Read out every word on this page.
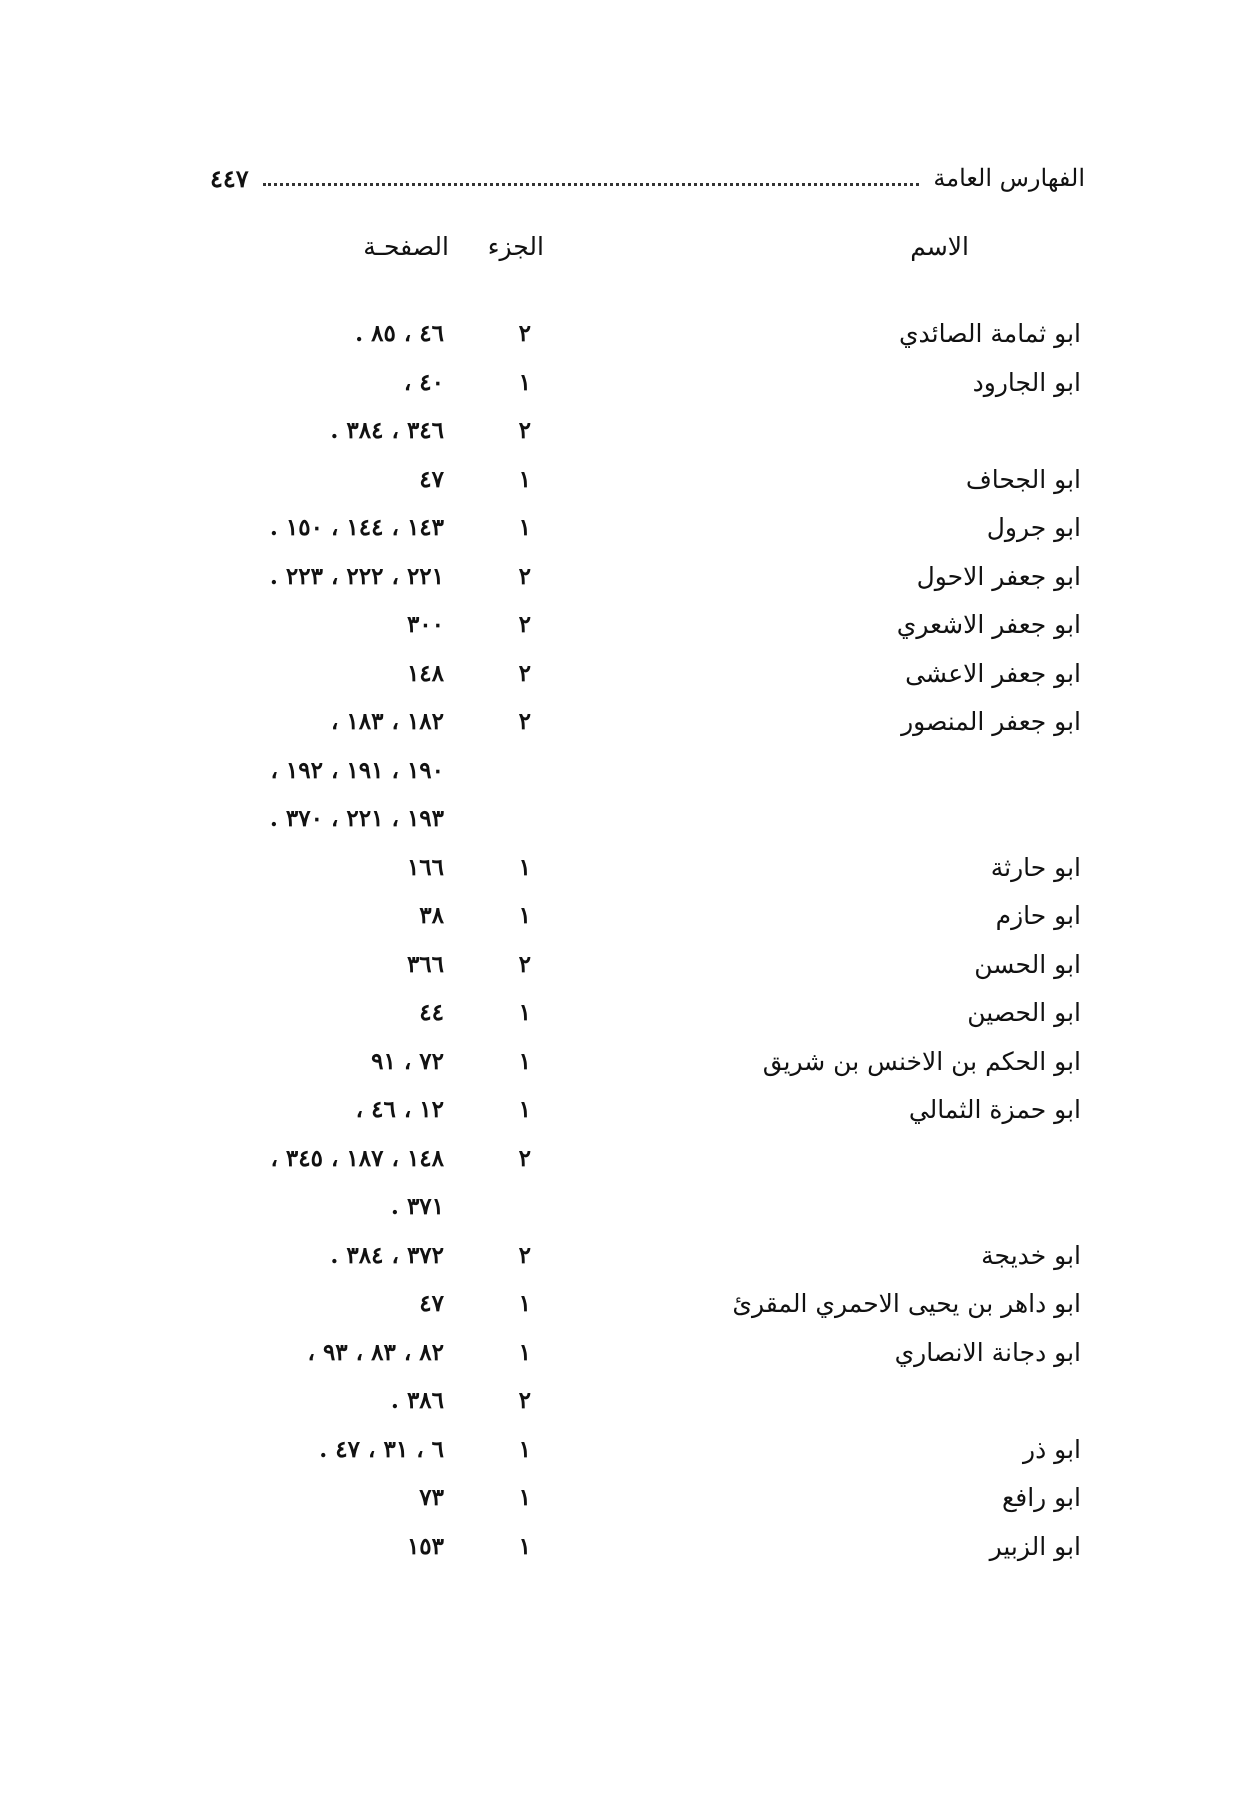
الفهارس العامة
٤٤٧
الاسم
الجزء
الصفحـة
ابو ثمامة الصائدي
٢
٤٦ ، ٨٥ .
ابو الجارود
١
٤٠ ،
٢
٣٤٦ ، ٣٨٤ .
ابو الجحاف
١
٤٧
ابو جرول
١
١٤٣ ، ١٤٤ ، ١٥٠ .
ابو جعفر الاحول
٢
٢٢١ ، ٢٢٢ ، ٢٢٣ .
ابو جعفر الاشعري
٢
٣٠٠
ابو جعفر الاعشى
٢
١٤٨
ابو جعفر المنصور
٢
١٨٢ ، ١٨٣ ،
١٩٠ ، ١٩١ ، ١٩٢ ،
١٩٣ ، ٢٢١ ، ٣٧٠ .
ابو حارثة
١
١٦٦
ابو حازم
١
٣٨
ابو الحسن
٢
٣٦٦
ابو الحصين
١
٤٤
ابو الحكم بن الاخنس بن شريق
١
٧٢ ، ٩١
ابو حمزة الثمالي
١
١٢ ، ٤٦ ،
٢
١٤٨ ، ١٨٧ ، ٣٤٥ ،
٣٧١ .
ابو خديجة
٢
٣٧٢ ، ٣٨٤ .
ابو داهر بن يحيى الاحمري المقرئ
١
٤٧
ابو دجانة الانصاري
١
٨٢ ، ٨٣ ، ٩٣ ،
٢
٣٨٦ .
ابو ذر
١
٦ ، ٣١ ، ٤٧ .
ابو رافع
١
٧٣
ابو الزبير
١
١٥٣
